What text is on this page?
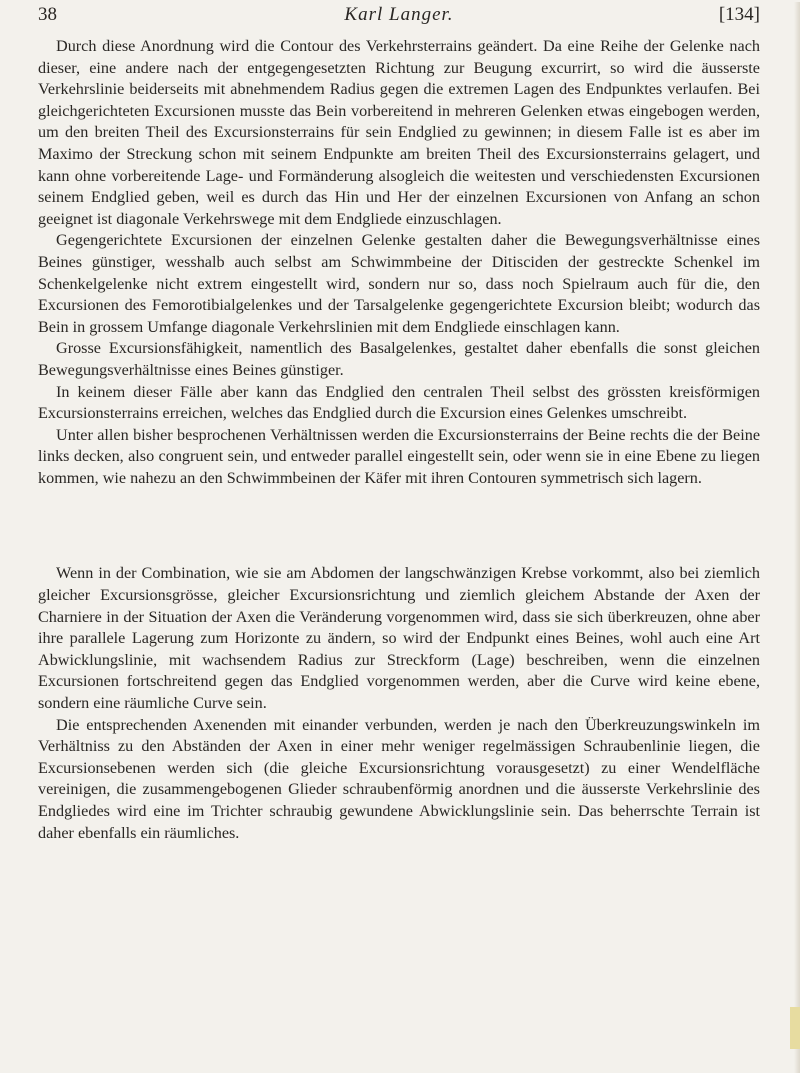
38	Karl Langer.	[134]

Durch diese Anordnung wird die Contour des Verkehrsterrains geändert. Da eine Reihe der Gelenke nach dieser, eine andere nach der entgegengesetzten Richtung zur Beugung excurrirt, so wird die äusserste Verkehrslinie beiderseits mit abnehmendem Radius gegen die extremen Lagen des Endpunktes verlaufen. Bei gleichgerichteten Excursionen musste das Bein vorbereitend in mehreren Gelenken etwas eingebogen werden, um den breiten Theil des Excursionsterrains für sein Endglied zu gewinnen; in diesem Falle ist es aber im Maximo der Streckung schon mit seinem Endpunkte am breiten Theil des Excursionsterrains gelagert, und kann ohne vorbereitende Lage- und Formänderung alsogleich die weitesten und verschiedensten Excursionen seinem Endglied geben, weil es durch das Hin und Her der einzelnen Excursionen von Anfang an schon geeignet ist diagonale Verkehrswege mit dem Endgliede einzuschlagen.

Gegengerichtete Excursionen der einzelnen Gelenke gestalten daher die Bewegungsverhältnisse eines Beines günstiger, wesshalb auch selbst am Schwimmbeine der Ditisciden der gestreckte Schenkel im Schenkelgelenke nicht extrem eingestellt wird, sondern nur so, dass noch Spielraum auch für die, den Excursionen des Femorotibialgelenkes und der Tarsalgelenke gegengerichtete Excursion bleibt; wodurch das Bein in grossem Umfange diagonale Verkehrslinien mit dem Endgliede einschlagen kann.

Grosse Excursionsfähigkeit, namentlich des Basalgelenkes, gestaltet daher ebenfalls die sonst gleichen Bewegungsverhältnisse eines Beines günstiger.

In keinem dieser Fälle aber kann das Endglied den centralen Theil selbst des grössten kreisförmigen Excursionsterrains erreichen, welches das Endglied durch die Excursion eines Gelenkes umschreibt.

Unter allen bisher besprochenen Verhältnissen werden die Excursionsterrains der Beine rechts die der Beine links decken, also congruent sein, und entweder parallel eingestellt sein, oder wenn sie in eine Ebene zu liegen kommen, wie nahezu an den Schwimmbeinen der Käfer mit ihren Contouren symmetrisch sich lagern.

Wenn in der Combination, wie sie am Abdomen der langschwänzigen Krebse vorkommt, also bei ziemlich gleicher Excursionsgrösse, gleicher Excursionsrichtung und ziemlich gleichem Abstande der Axen der Charniere in der Situation der Axen die Veränderung vorgenommen wird, dass sie sich überkreuzen, ohne aber ihre parallele Lagerung zum Horizonte zu ändern, so wird der Endpunkt eines Beines, wohl auch eine Art Abwicklungslinie, mit wachsendem Radius zur Streckform (Lage) beschreiben, wenn die einzelnen Excursionen fortschreitend gegen das Endglied vorgenommen werden, aber die Curve wird keine ebene, sondern eine räumliche Curve sein.

Die entsprechenden Axenenden mit einander verbunden, werden je nach den Überkreuzungswinkeln im Verhältniss zu den Abständen der Axen in einer mehr weniger regelmässigen Schraubenlinie liegen, die Excursionsebenen werden sich (die gleiche Excursionsrichtung vorausgesetzt) zu einer Wendelfläche vereinigen, die zusammengebogenen Glieder schraubenförmig anordnen und die äusserste Verkehrslinie des Endgliedes wird eine im Trichter schraubig gewundene Abwicklungslinie sein. Das beherrschte Terrain ist daher ebenfalls ein räumliches.
